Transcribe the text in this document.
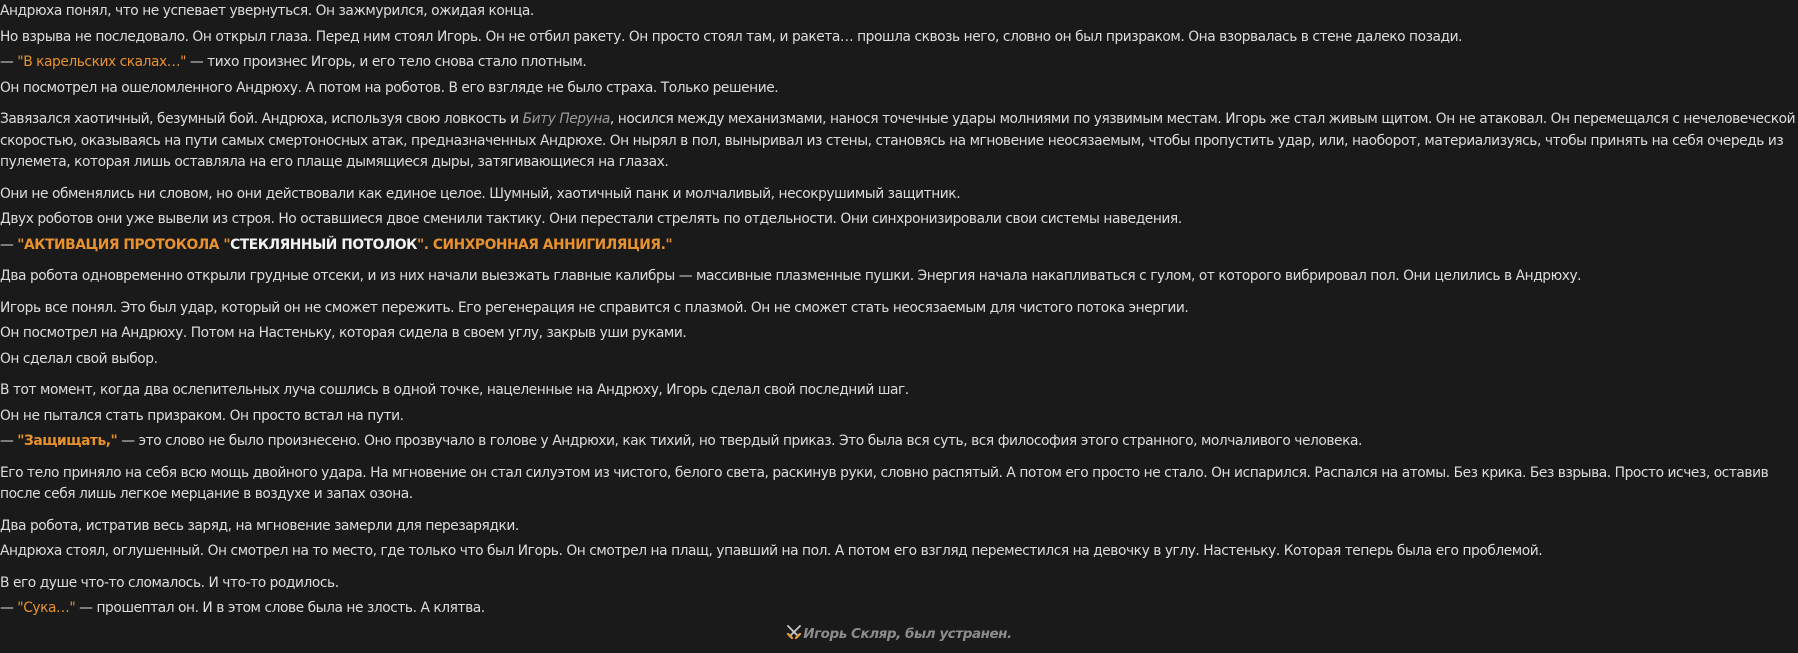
Андрюха понял, что не успевает увернуться. Он зажмурился, ожидая конца.
Но взрыва не последовало. Он открыл глаза. Перед ним стоял Игорь. Он не отбил ракету. Он просто стоял там, и ракета… прошла сквозь него, словно он был призраком. Она взорвалась в стене далеко позади.
— "В карельских скалах…" — тихо произнес Игорь, и его тело снова стало плотным.
Он посмотрел на ошеломленного Андрюху. А потом на роботов. В его взгляде не было страха. Только решение.
Завязался хаотичный, безумный бой. Андрюха, используя свою ловкость и Биту Перуна, носился между механизмами, нанося точечные удары молниями по уязвимым местам. Игорь же стал живым щитом. Он не атаковал. Он перемещался с нечеловеческой скоростью, оказываясь на пути самых смертоносных атак, предназначенных Андрюхе. Он нырял в пол, выныривал из стены, становясь на мгновение неосязаемым, чтобы пропустить удар, или, наоборот, материализуясь, чтобы принять на себя очередь из пулемета, которая лишь оставляла на его плаще дымящиеся дыры, затягивающиеся на глазах.
Они не обменялись ни словом, но они действовали как единое целое. Шумный, хаотичный панк и молчаливый, несокрушимый защитник.
Двух роботов они уже вывели из строя. Но оставшиеся двое сменили тактику. Они перестали стрелять по отдельности. Они синхронизировали свои системы наведения.
— "АКТИВАЦИЯ ПРОТОКОЛА "СТЕКЛЯННЫЙ ПОТОЛОК". СИНХРОННАЯ АННИГИЛЯЦИЯ."
Два робота одновременно открыли грудные отсеки, и из них начали выезжать главные калибры — массивные плазменные пушки. Энергия начала накапливаться с гулом, от которого вибрировал пол. Они целились в Андрюху.
Игорь все понял. Это был удар, который он не сможет пережить. Его регенерация не справится с плазмой. Он не сможет стать неосязаемым для чистого потока энергии.
Он посмотрел на Андрюху. Потом на Настеньку, которая сидела в своем углу, закрыв уши руками.
Он сделал свой выбор.
В тот момент, когда два ослепительных луча сошлись в одной точке, нацеленные на Андрюху, Игорь сделал свой последний шаг.
Он не пытался стать призраком. Он просто встал на пути.
— "Защищать," — это слово не было произнесено. Оно прозвучало в голове у Андрюхи, как тихий, но твердый приказ. Это была вся суть, вся философия этого странного, молчаливого человека.
Его тело приняло на себя всю мощь двойного удара. На мгновение он стал силуэтом из чистого, белого света, раскинув руки, словно распятый. А потом его просто не стало. Он испарился. Распался на атомы. Без крика. Без взрыва. Просто исчез, оставив после себя лишь легкое мерцание в воздухе и запах озона.
Два робота, истратив весь заряд, на мгновение замерли для перезарядки.
Андрюха стоял, оглушенный. Он смотрел на то место, где только что был Игорь. Он смотрел на плащ, упавший на пол. А потом его взгляд переместился на девочку в углу. Настеньку. Которая теперь была его проблемой.
В его душе что-то сломалось. И что-то родилось.
— "Сука…" — прошептал он. И в этом слове была не злость. А клятва.
Игорь Скляр, был устранен.
